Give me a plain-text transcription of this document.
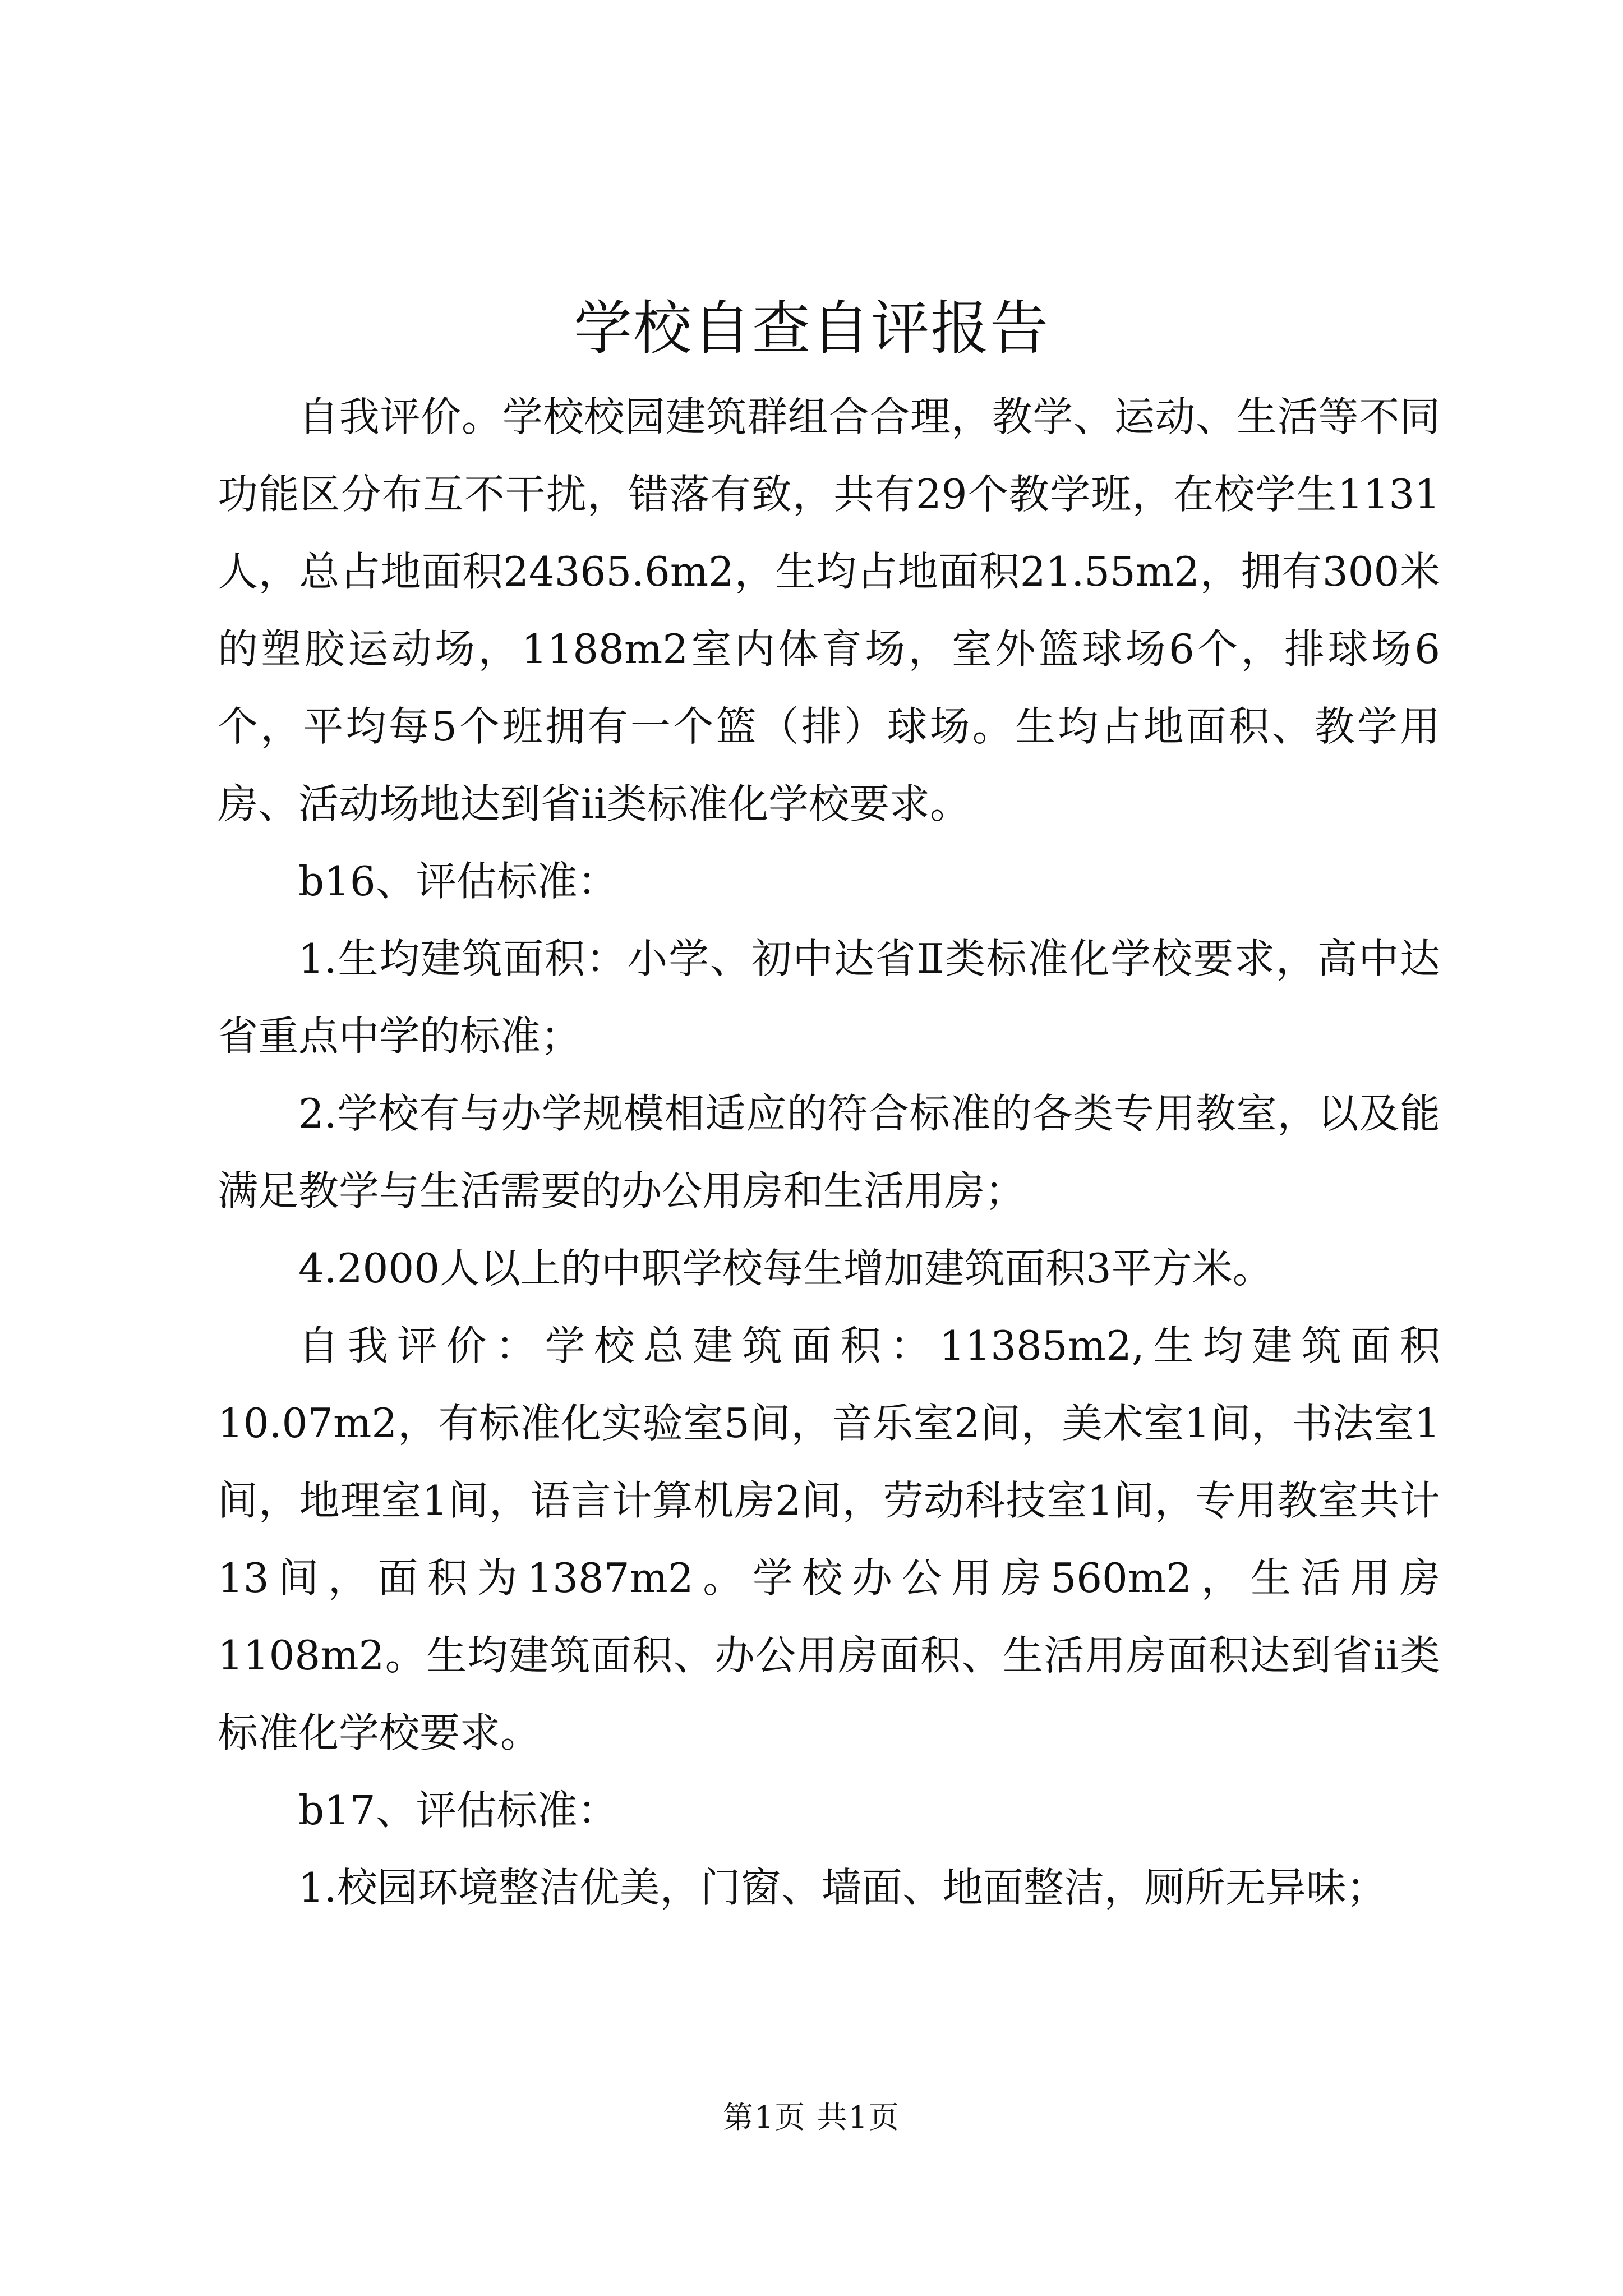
学校自查自评报告

自我评价。学校校园建筑群组合合理，教学、运动、生活等不同功能区分布互不干扰，错落有致，共有29个教学班，在校学生1131人，总占地面积24365.6m2，生均占地面积21.55m2，拥有300米的塑胶运动场，1188m2室内体育场，室外篮球场6个，排球场6个，平均每5个班拥有一个篮（排）球场。生均占地面积、教学用房、活动场地达到省ii类标准化学校要求。

b16、评估标准：

1.生均建筑面积：小学、初中达省Ⅱ类标准化学校要求，高中达省重点中学的标准；

2.学校有与办学规模相适应的符合标准的各类专用教室，以及能满足教学与生活需要的办公用房和生活用房；

4.2000人以上的中职学校每生增加建筑面积3平方米。

自我评价：学校总建筑面积：11385m2,生均建筑面积10.07m2，有标准化实验室5间，音乐室2间，美术室1间，书法室1间，地理室1间，语言计算机房2间，劳动科技室1间，专用教室共计13间，面积为1387m2。学校办公用房560m2，生活用房1108m2。生均建筑面积、办公用房面积、生活用房面积达到省ii类标准化学校要求。

b17、评估标准：

1.校园环境整洁优美，门窗、墙面、地面整洁，厕所无异味；

第1页 共1页
